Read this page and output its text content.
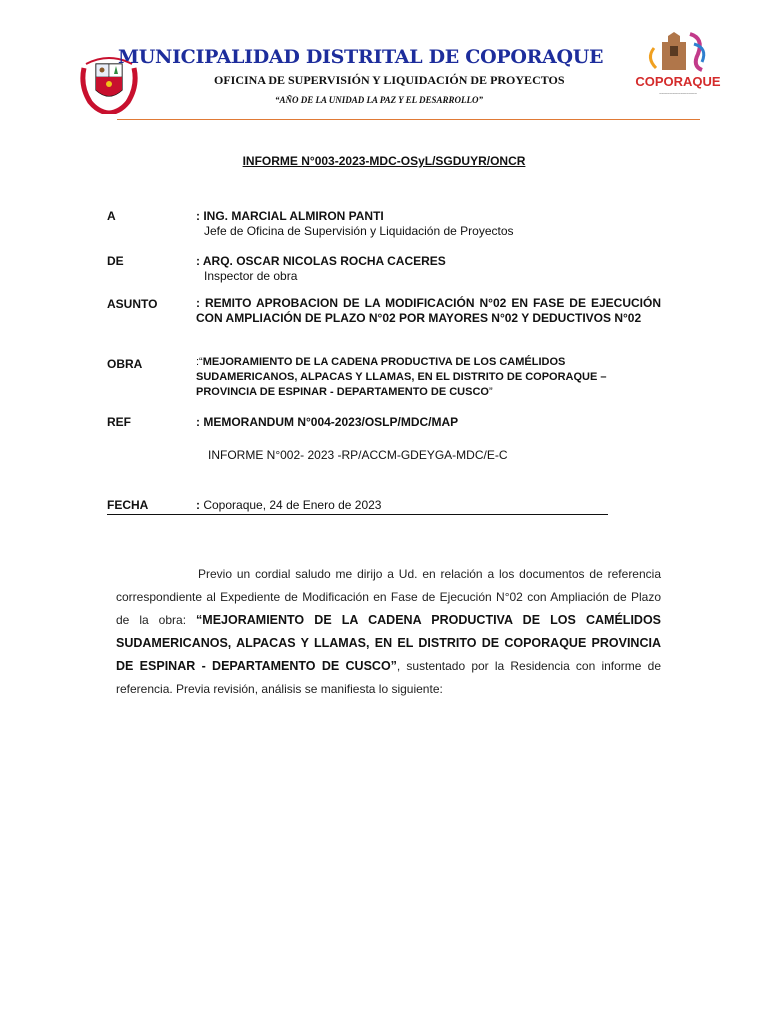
COPORAQUE
~~~~~~~~~~~~~~
MUNICIPALIDAD DISTRITAL DE COPORAQUE
OFICINA DE SUPERVISIÓN Y LIQUIDACIÓN DE PROYECTOS
“AÑO DE LA UNIDAD LA PAZ Y EL DESARROLLO”
INFORME N°003-2023-MDC-OSyL/SGDUYR/ONCR
A	: ING. MARCIAL ALMIRON PANTI
Jefe de Oficina de Supervisión y Liquidación de Proyectos
DE	: ARQ. OSCAR NICOLAS ROCHA CACERES
Inspector de obra
ASUNTO	: REMITO APROBACION DE LA MODIFICACIÓN N°02 EN FASE DE EJECUCIÓN CON AMPLIACIÓN DE PLAZO N°02 POR MAYORES N°02 Y DEDUCTIVOS N°02
OBRA	:“MEJORAMIENTO DE LA CADENA PRODUCTIVA DE LOS CAMÉLIDOS SUDAMERICANOS, ALPACAS Y LLAMAS, EN EL DISTRITO DE COPORAQUE – PROVINCIA DE ESPINAR - DEPARTAMENTO DE CUSCO”
REF	: MEMORANDUM N°004-2023/OSLP/MDC/MAP
INFORME N°002- 2023 -RP/ACCM-GDEYGA-MDC/E-C
FECHA	: Coporaque, 24 de Enero de 2023
Previo un cordial saludo me dirijo a Ud. en relación a los documentos de referencia correspondiente al Expediente de Modificación en Fase de Ejecución N°02 con Ampliación de Plazo de la obra: “MEJORAMIENTO DE LA CADENA PRODUCTIVA DE LOS CAMÉLIDOS SUDAMERICANOS, ALPACAS Y LLAMAS, EN EL DISTRITO DE COPORAQUE PROVINCIA DE ESPINAR - DEPARTAMENTO DE CUSCO”, sustentado por la Residencia con informe de referencia. Previa revisión, análisis se manifiesta lo siguiente:
